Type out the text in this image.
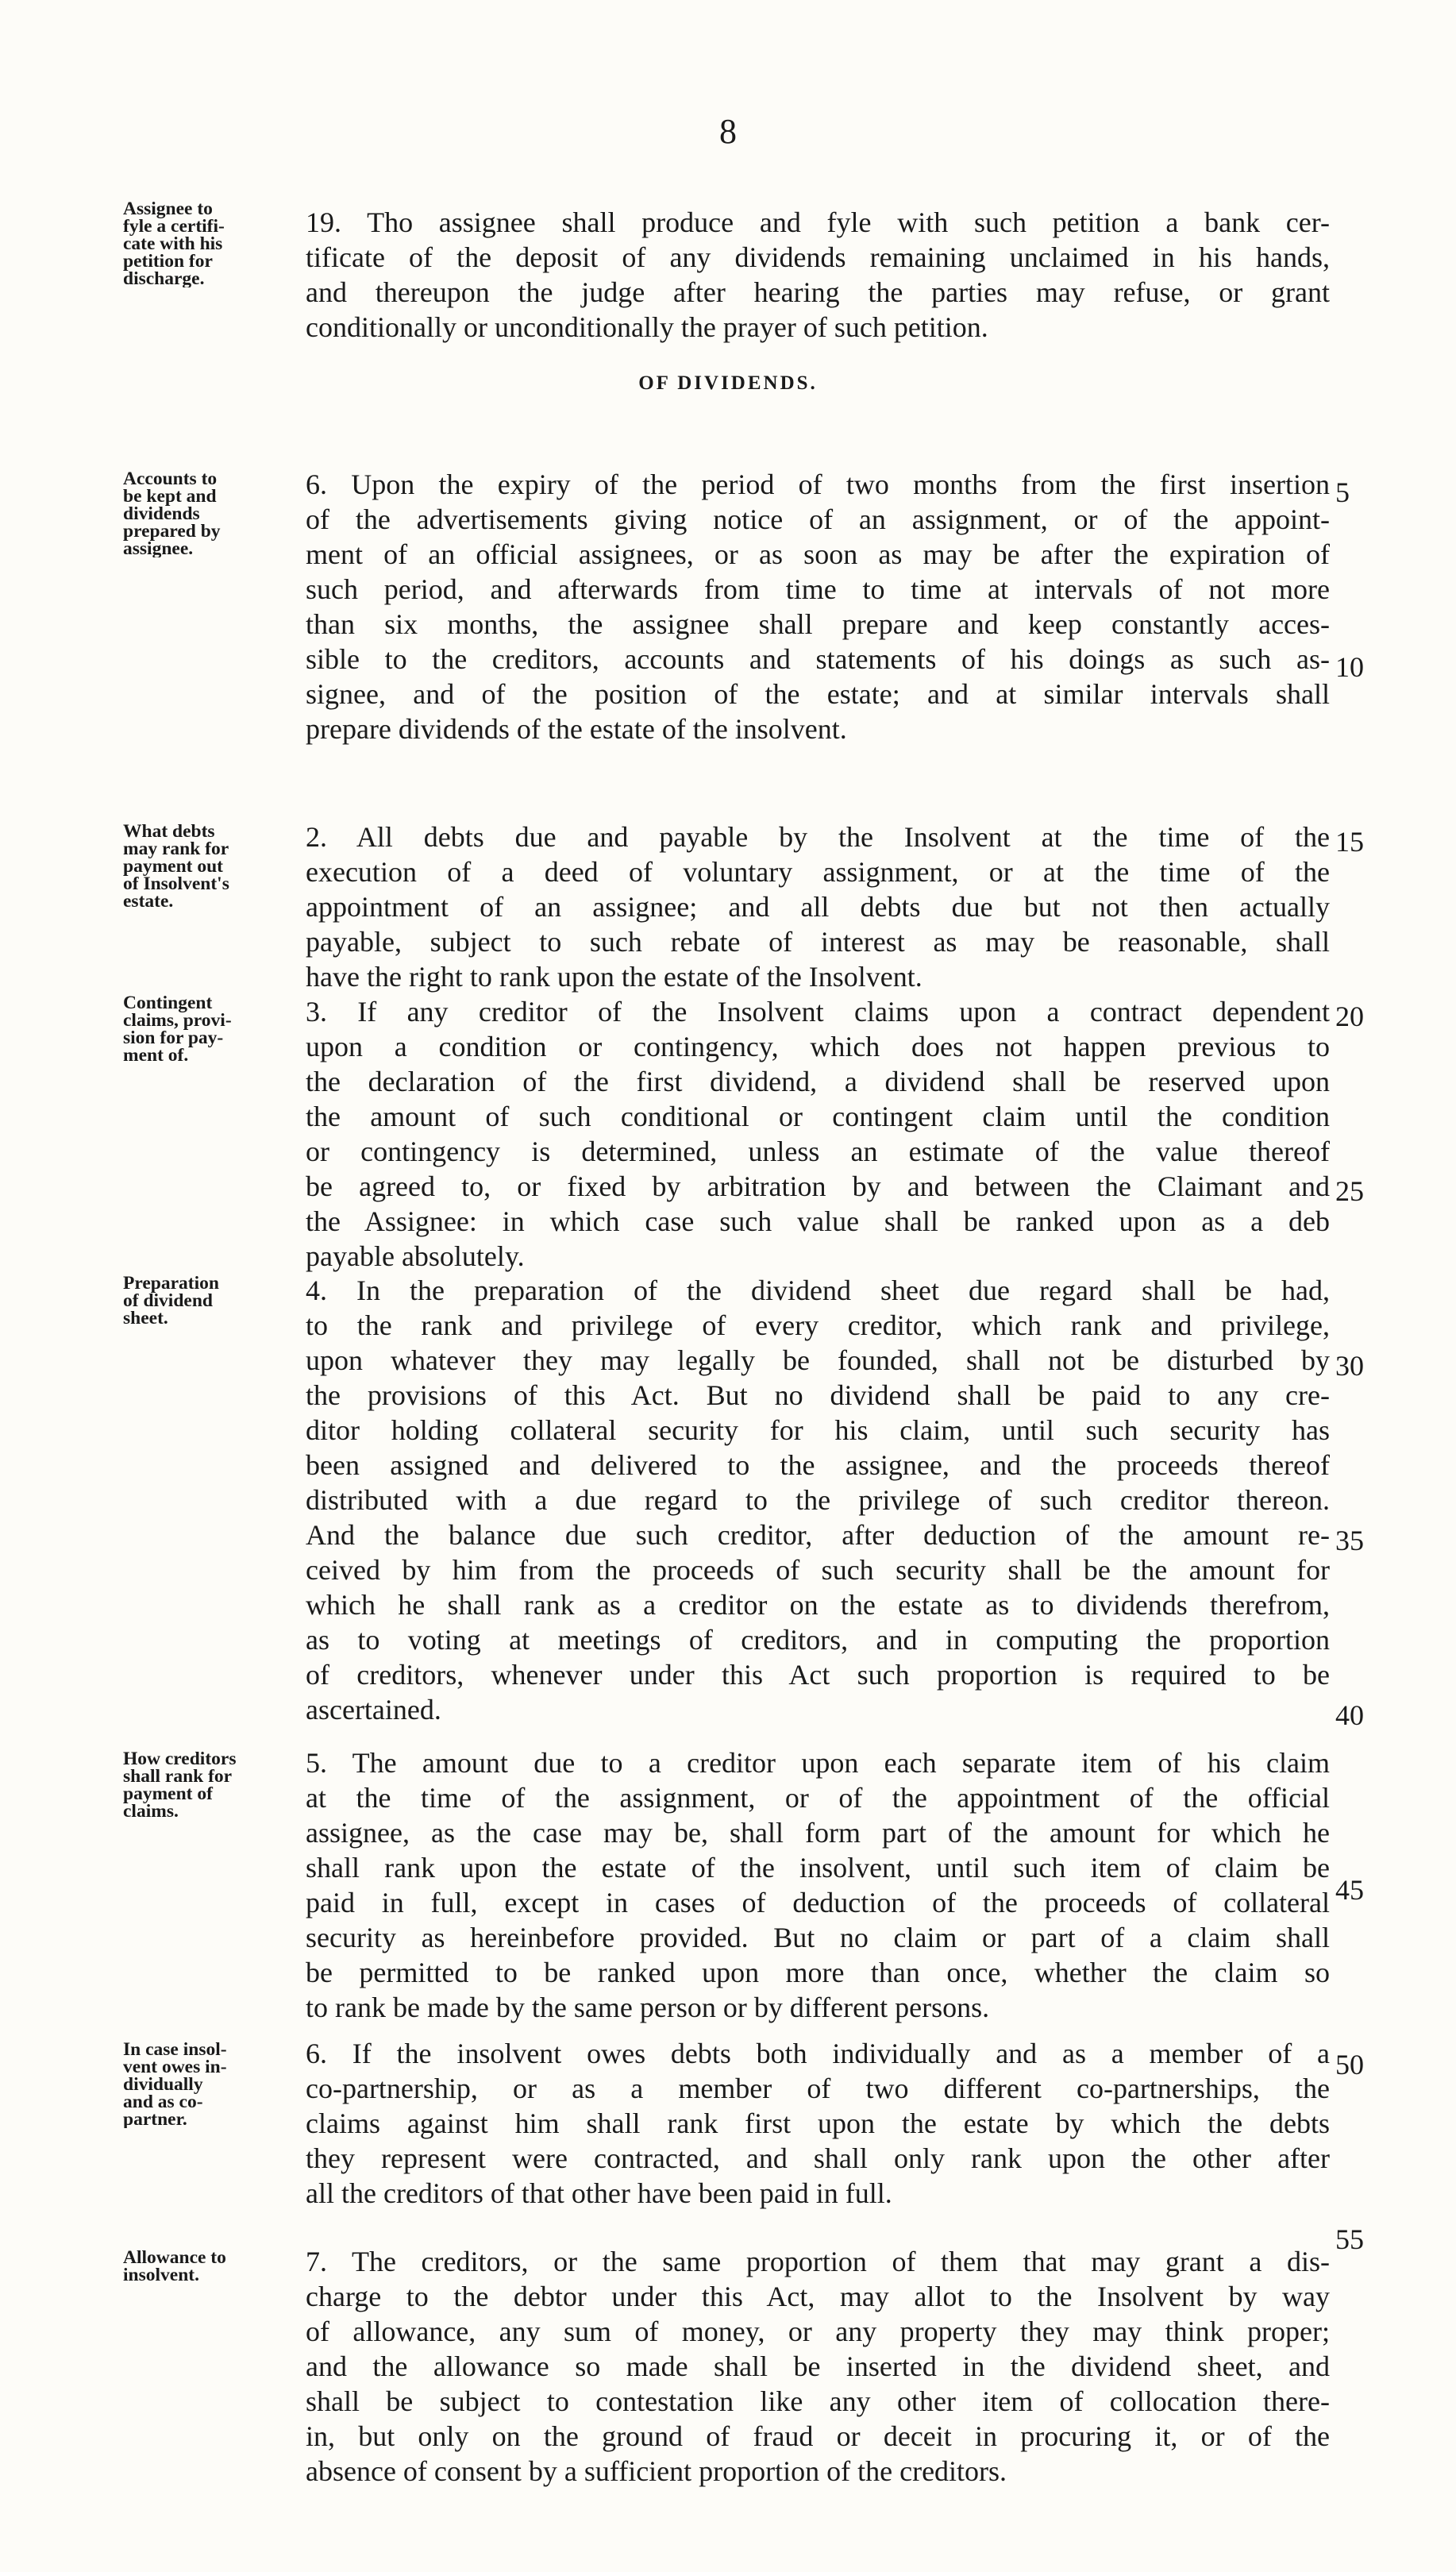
8
OF DIVIDENDS.
Assignee to
fyle a certifi-
cate with his
petition for
discharge.
19. Tho assignee shall produce and fyle with such petition a bank cer-
tificate of the deposit of any dividends remaining unclaimed in his hands,
and thereupon the judge after hearing the parties may refuse, or grant
conditionally or unconditionally the prayer of such petition.
Accounts to
be kept and
dividends
prepared by
assignee.
6. Upon the expiry of the period of two months from the first insertion
of the advertisements giving notice of an assignment, or of the appoint-
ment of an official assignees, or as soon as may be after the expiration of
such period, and afterwards from time to time at intervals of not more
than six months, the assignee shall prepare and keep constantly acces-
sible to the creditors, accounts and statements of his doings as such as-
signee, and of the position of the estate; and at similar intervals shall
prepare dividends of the estate of the insolvent.
What debts
may rank for
payment out
of Insolvent's
estate.
2. All debts due and payable by the Insolvent at the time of the
execution of a deed of voluntary assignment, or at the time of the
appointment of an assignee; and all debts due but not then actually
payable, subject to such rebate of interest as may be reasonable, shall
have the right to rank upon the estate of the Insolvent.
Contingent
claims, provi-
sion for pay-
ment of.
3. If any creditor of the Insolvent claims upon a contract dependent
upon a condition or contingency, which does not happen previous to
the declaration of the first dividend, a dividend shall be reserved upon
the amount of such conditional or contingent claim until the condition
or contingency is determined, unless an estimate of the value thereof
be agreed to, or fixed by arbitration by and between the Claimant and
the Assignee: in which case such value shall be ranked upon as a deb
payable absolutely.
Preparation
of dividend
sheet.
4. In the preparation of the dividend sheet due regard shall be had,
to the rank and privilege of every creditor, which rank and privilege,
upon whatever they may legally be founded, shall not be disturbed by
the provisions of this Act. But no dividend shall be paid to any cre-
ditor holding collateral security for his claim, until such security has
been assigned and delivered to the assignee, and the proceeds thereof
distributed with a due regard to the privilege of such creditor thereon.
And the balance due such creditor, after deduction of the amount re-
ceived by him from the proceeds of such security shall be the amount for
which he shall rank as a creditor on the estate as to dividends therefrom,
as to voting at meetings of creditors, and in computing the proportion
of creditors, whenever under this Act such proportion is required to be
ascertained.
How creditors
shall rank for
payment of
claims.
5. The amount due to a creditor upon each separate item of his claim
at the time of the assignment, or of the appointment of the official
assignee, as the case may be, shall form part of the amount for which he
shall rank upon the estate of the insolvent, until such item of claim be
paid in full, except in cases of deduction of the proceeds of collateral
security as hereinbefore provided. But no claim or part of a claim shall
be permitted to be ranked upon more than once, whether the claim so
to rank be made by the same person or by different persons.
In case insol-
vent owes in-
dividually
and as co-
partner.
6. If the insolvent owes debts both individually and as a member of a
co-partnership, or as a member of two different co-partnerships, the
claims against him shall rank first upon the estate by which the debts
they represent were contracted, and shall only rank upon the other after
all the creditors of that other have been paid in full.
Allowance to
insolvent.	7. The creditors, or the same proportion of them that may grant a dis-
charge to the debtor under this Act, may allot to the Insolvent by way
of allowance, any sum of money, or any property they may think proper;
and the allowance so made shall be inserted in the dividend sheet, and
shall be subject to contestation like any other item of collocation there-
in, but only on the ground of fraud or deceit in procuring it, or of the
absence of consent by a sufficient proportion of the creditors.
5
10
15
20
25
30
35
40
45
50
55
